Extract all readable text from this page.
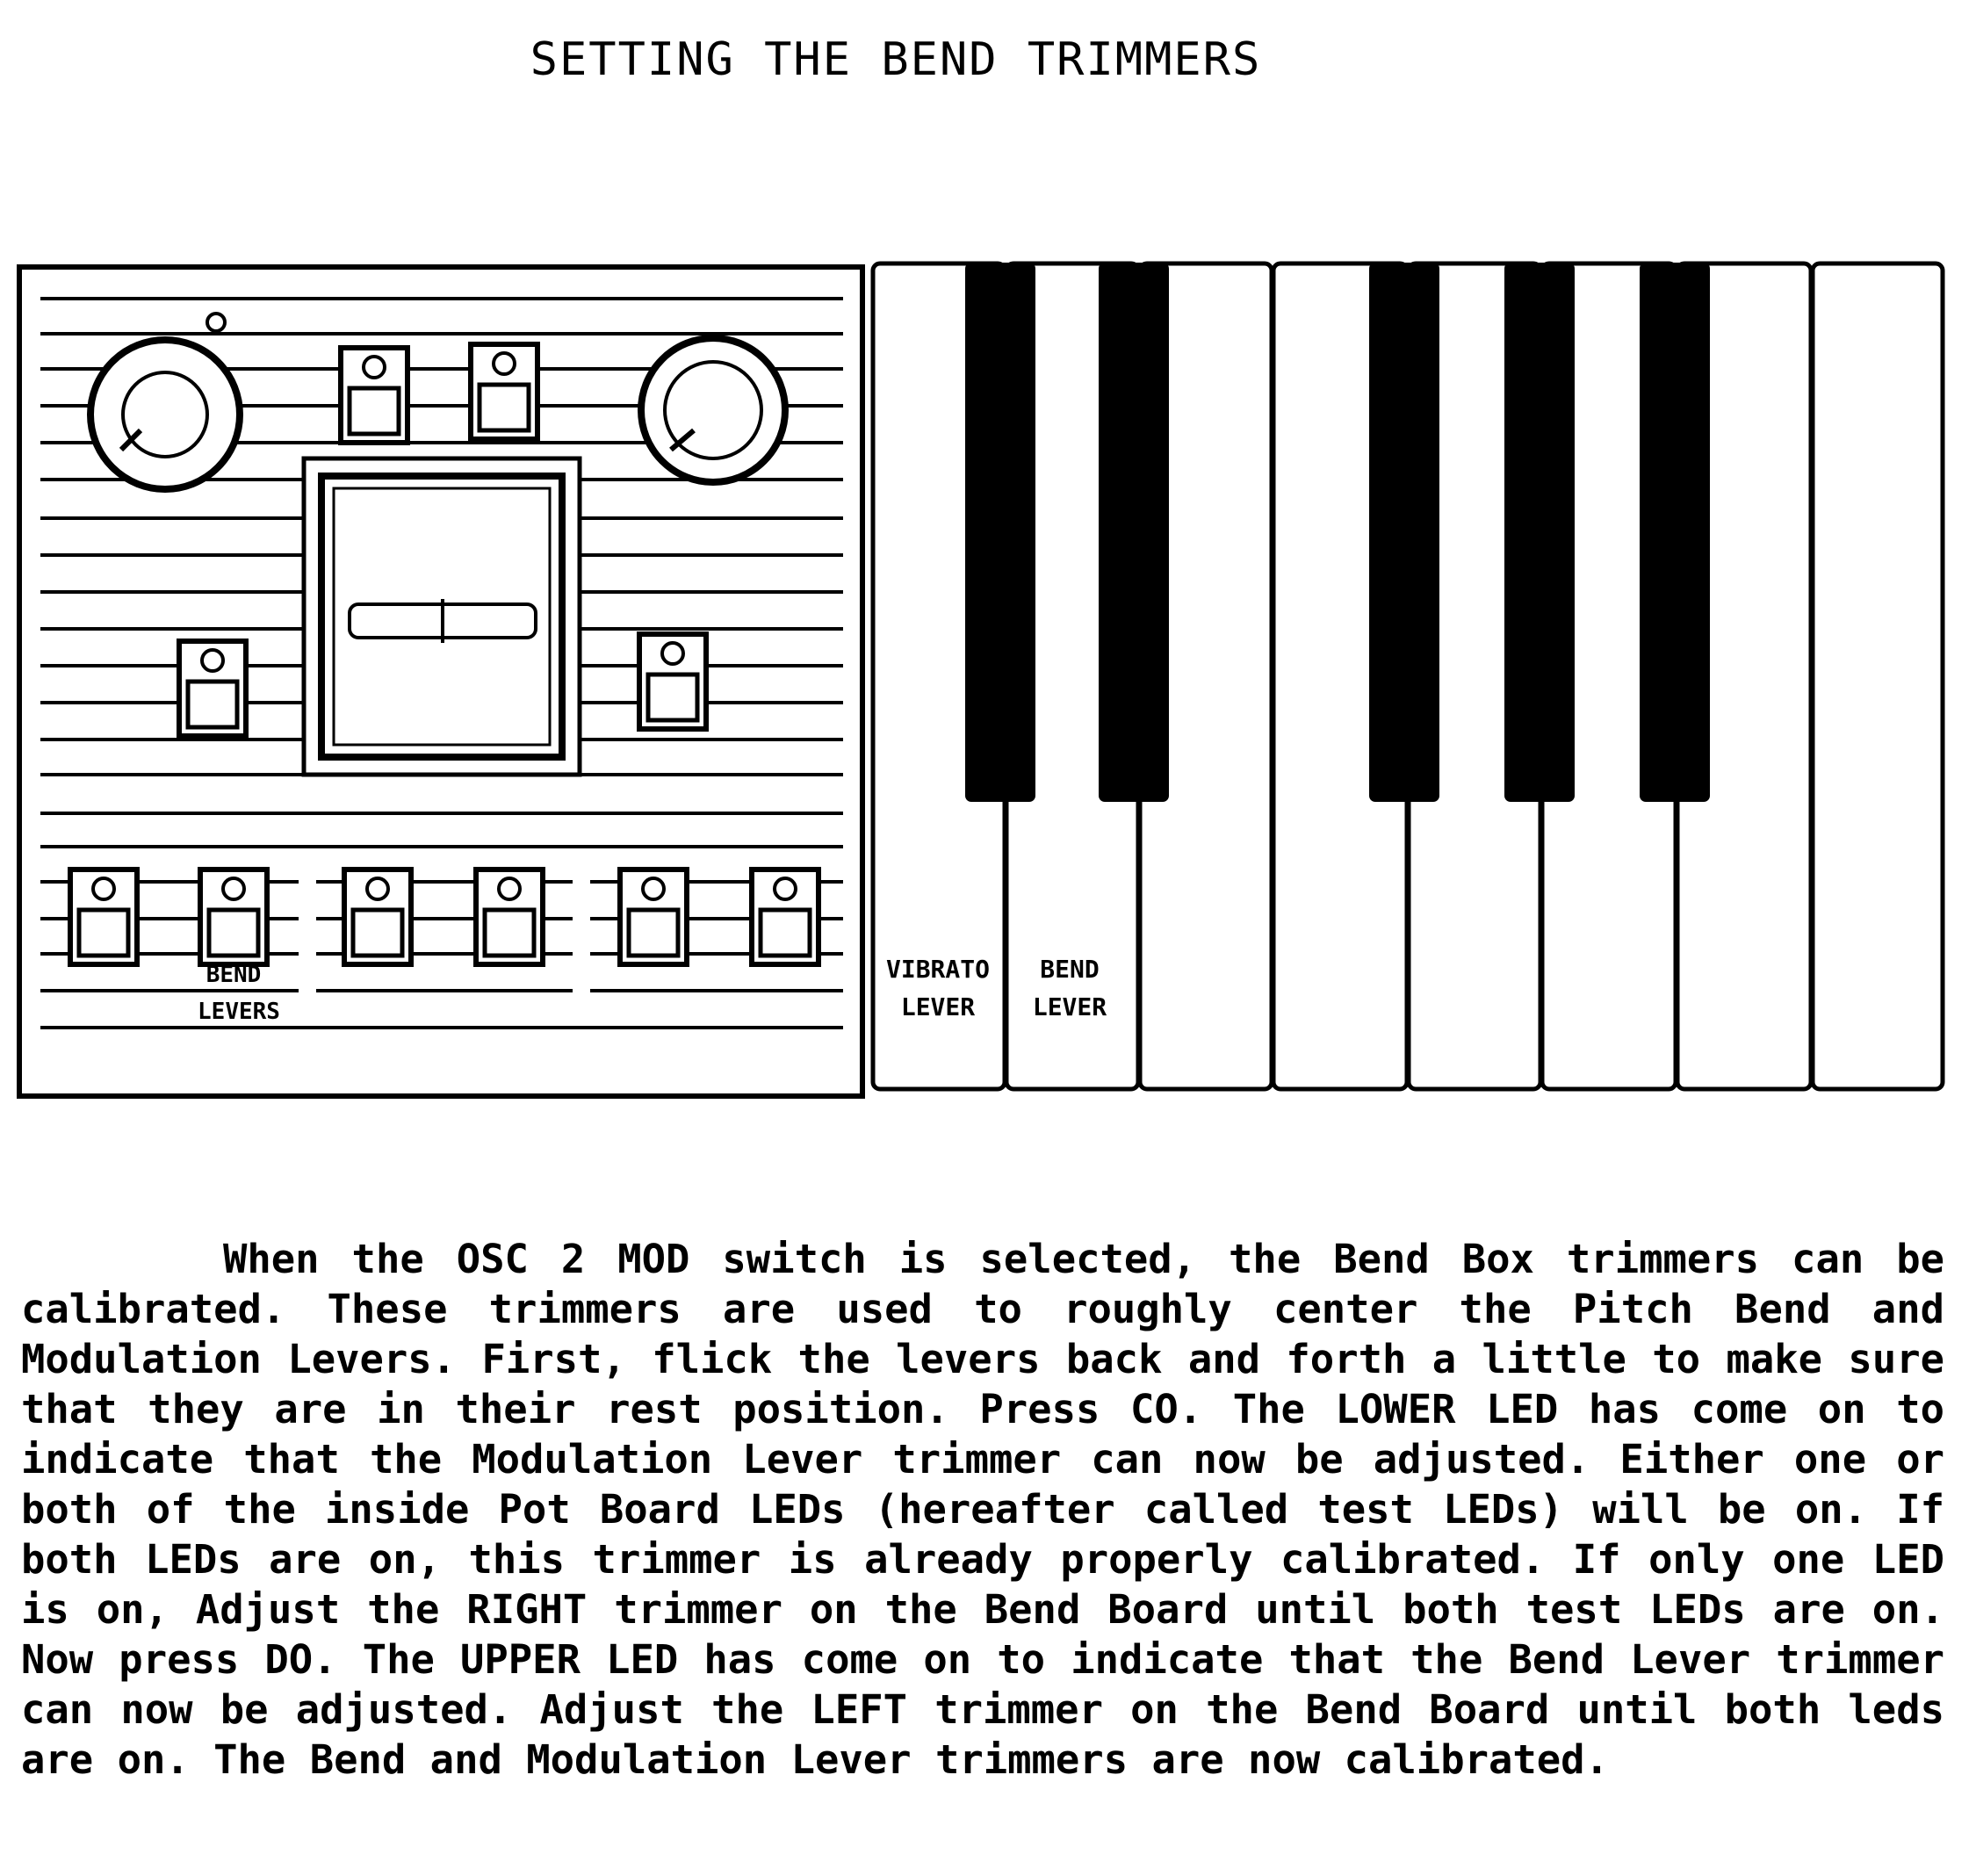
SETTING THE BEND TRIMMERS
BEND
LEVERS
VIBRATO
LEVER
BEND
LEVER

When the OSC 2 MOD switch is selected, the Bend Box trimmers can be calibrated. These trimmers are used to roughly center the Pitch Bend and Modulation Levers. First, flick the levers back and forth a little to make sure that they are in their rest position. Press CO. The LOWER LED has come on to indicate that the Modulation Lever trimmer can now be adjusted. Either one or both of the inside Pot Board LEDs (hereafter called test LEDs) will be on. If both LEDs are on, this trimmer is already properly calibrated. If only one LED is on, Adjust the RIGHT trimmer on the Bend Board until both test LEDs are on. Now press DO. The UPPER LED has come on to indicate that the Bend Lever trimmer can now be adjusted. Adjust the LEFT trimmer on the Bend Board until both leds are on. The Bend and Modulation Lever trimmers are now calibrated.
